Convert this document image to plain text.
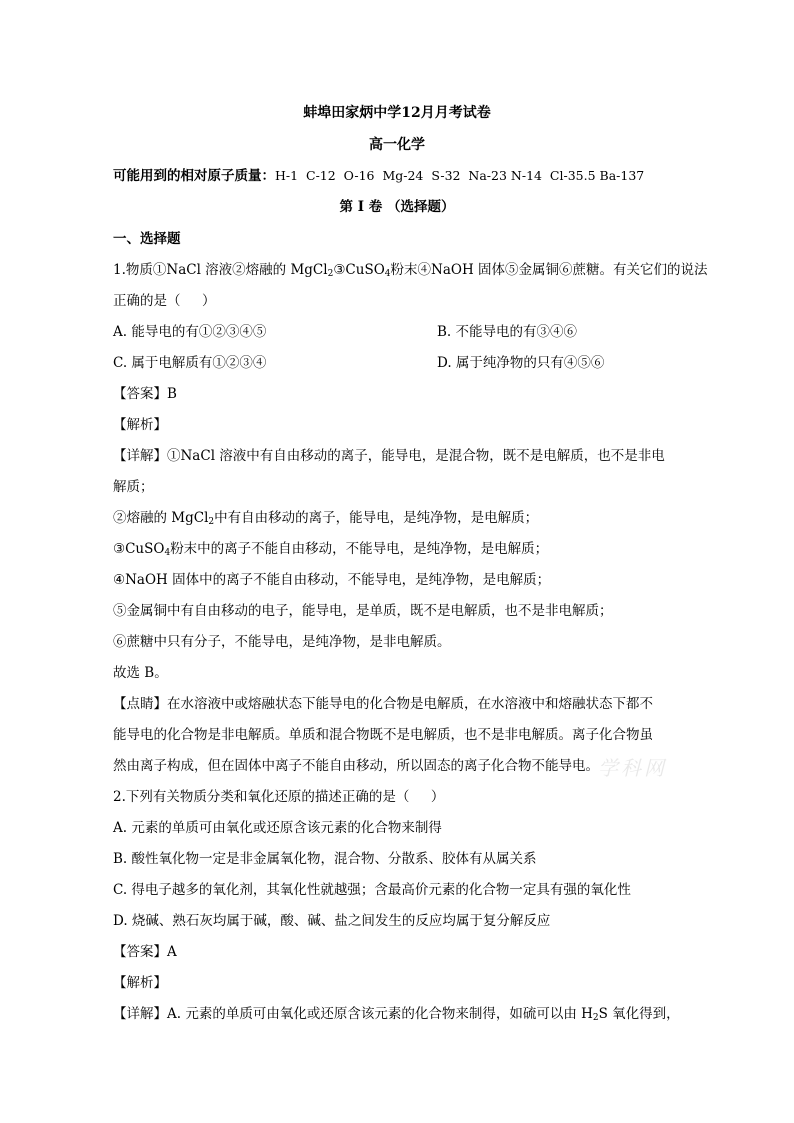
蚌埠田家炳中学12月月考试卷
高一化学
可能用到的相对原子质量：H-1  C-12  O-16  Mg-24  S-32  Na-23 N-14  Cl-35.5 Ba-137
第 Ⅰ 卷 （选择题）
一、选择题
1.物质①NaCl 溶液②熔融的 MgCl$_2$③CuSO$_4$粉末④NaOH 固体⑤金属铜⑥蔗糖。有关它们的说法
正确的是（     ）
A. 能导电的有①②③④⑤	B. 不能导电的有③④⑥
C. 属于电解质有①②③④	D. 属于纯净物的只有④⑤⑥
【答案】B
【解析】
【详解】①NaCl 溶液中有自由移动的离子，能导电，是混合物，既不是电解质，也不是非电
解质；
②熔融的 MgCl$_2$中有自由移动的离子，能导电，是纯净物，是电解质；
③CuSO$_4$粉末中的离子不能自由移动，不能导电，是纯净物，是电解质；
④NaOH 固体中的离子不能自由移动，不能导电，是纯净物，是电解质；
⑤金属铜中有自由移动的电子，能导电，是单质，既不是电解质，也不是非电解质；
⑥蔗糖中只有分子，不能导电，是纯净物，是非电解质。
故选 B。
【点睛】在水溶液中或熔融状态下能导电的化合物是电解质，在水溶液中和熔融状态下都不
能导电的化合物是非电解质。单质和混合物既不是电解质，也不是非电解质。离子化合物虽
然由离子构成，但在固体中离子不能自由移动，所以固态的离子化合物不能导电。 学科网
2.下列有关物质分类和氧化还原的描述正确的是（     ）
A. 元素的单质可由氧化或还原含该元素的化合物来制得
B. 酸性氧化物一定是非金属氧化物，混合物、分散系、胶体有从属关系
C. 得电子越多的氧化剂，其氧化性就越强；含最高价元素的化合物一定具有强的氧化性
D. 烧碱、熟石灰均属于碱，酸、碱、盐之间发生的反应均属于复分解反应
【答案】A
【解析】
【详解】A. 元素的单质可由氧化或还原含该元素的化合物来制得，如硫可以由 $H_2S$ 氧化得到，
